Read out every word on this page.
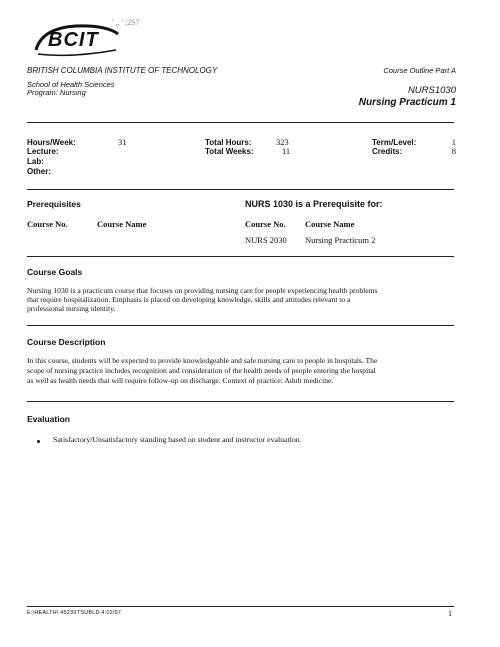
BCIT
' ,, ' ;2S7
BRITISH COLUMBIA INSTITUTE OF TECHNOLOGY
School of Health Sciences
Program: Nursing
Course Outline Part A
NURS1030
Nursing Practicum 1
Hours/Week:	31
Lecture:
Lab:
Other:
Total Hours:	323
Total Weeks:	11
Term/Level:	1
Credits:	8
Prerequisites
Course No.	Course Name
NURS 1030 is a Prerequisite for:
Course No. Course Name
NURS 2030 Nursing Practicum 2
Course Goals
Nursing 1030 is a practicum course that focuses on providing nursing care for people experiencing health problems
that require hospitalization. Emphasis is placed on developing knowledge, skills and attitudes relevant to a
professional nursing identity.
Course Description
In this course, students will be expected to provide knowledgeable and safe nursing care to people in hospitals. The
scope of nursing practice includes recognition and consideration of the health needs of people entering the hospital
as well as health needs that will require follow-up on discharge. Context of practice: Adult medicine.
Evaluation
Satisfactory/Unsatisfactory standing based on student and instructor evaluation.
E:\HEALTH\ 4523\ITSUBLD.4 02/97	1
